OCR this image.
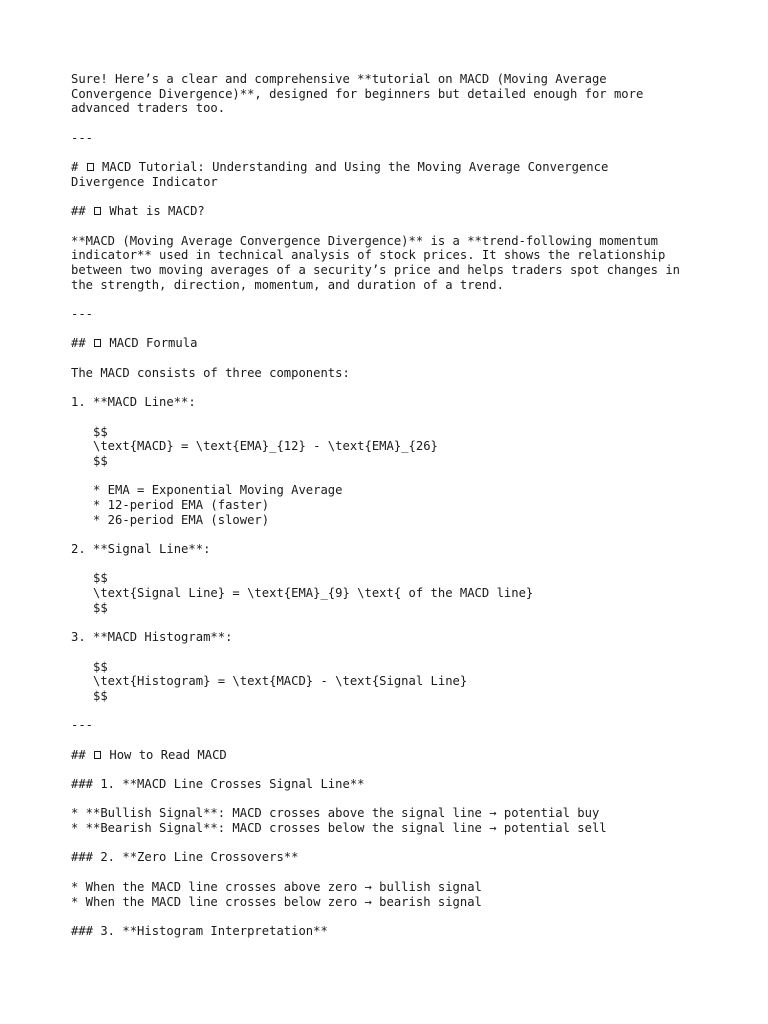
Sure! Here’s a clear and comprehensive **tutorial on MACD (Moving Average
Convergence Divergence)**, designed for beginners but detailed enough for more
advanced traders too.
---
#  MACD Tutorial: Understanding and Using the Moving Average Convergence
Divergence Indicator
##  What is MACD?
**MACD (Moving Average Convergence Divergence)** is a **trend-following momentum
indicator** used in technical analysis of stock prices. It shows the relationship
between two moving averages of a security’s price and helps traders spot changes in
the strength, direction, momentum, and duration of a trend.
---
##  MACD Formula
The MACD consists of three components:
1. **MACD Line**:
$$
\text{MACD} = \text{EMA}_{12} - \text{EMA}_{26}
$$
* EMA = Exponential Moving Average
* 12-period EMA (faster)
* 26-period EMA (slower)
2. **Signal Line**:
$$
\text{Signal Line} = \text{EMA}_{9} \text{ of the MACD line}
$$
3. **MACD Histogram**:
$$
\text{Histogram} = \text{MACD} - \text{Signal Line}
$$
---
##  How to Read MACD
### 1. **MACD Line Crosses Signal Line**
* **Bullish Signal**: MACD crosses above the signal line → potential buy
* **Bearish Signal**: MACD crosses below the signal line → potential sell
### 2. **Zero Line Crossovers**
* When the MACD line crosses above zero → bullish signal
* When the MACD line crosses below zero → bearish signal
### 3. **Histogram Interpretation**
